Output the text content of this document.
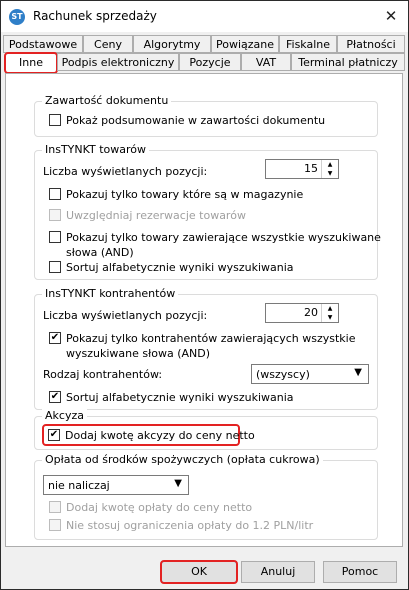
ST Rachunek sprzedaży	✕
Podstawowe	Ceny	Algorytmy	Powiązane	Fiskalne	Płatności
Inne	Podpis elektroniczny	Pozycje	VAT	Terminal płatniczy
Zawartość dokumentu
Pokaż podsumowanie w zawartości dokumentu
InsTYNKT towarów
Liczba wyświetlanych pozycji:	15	▲
▼
Pokazuj tylko towary które są w magazynie
Uwzględniaj rezerwacje towarów
Pokazuj tylko towary zawierające wszystkie wyszukiwane
słowa (AND)
Sortuj alfabetycznie wyniki wyszukiwania
InsTYNKT kontrahentów
Liczba wyświetlanych pozycji:	20	▲
▼
✔ Pokazuj tylko kontrahentów zawierających wszystkie
wyszukiwane słowa (AND)
Rodzaj kontrahentów:	(wszyscy)	▼
✔ Sortuj alfabetycznie wyniki wyszukiwania
Akcyza
✔ Dodaj kwotę akcyzy do ceny netto
Opłata od środków spożywczych (opłata cukrowa)
nie naliczaj	▼
Dodaj kwotę opłaty do ceny netto
Nie stosuj ograniczenia opłaty do 1.2 PLN/litr
OK	Anuluj	Pomoc
